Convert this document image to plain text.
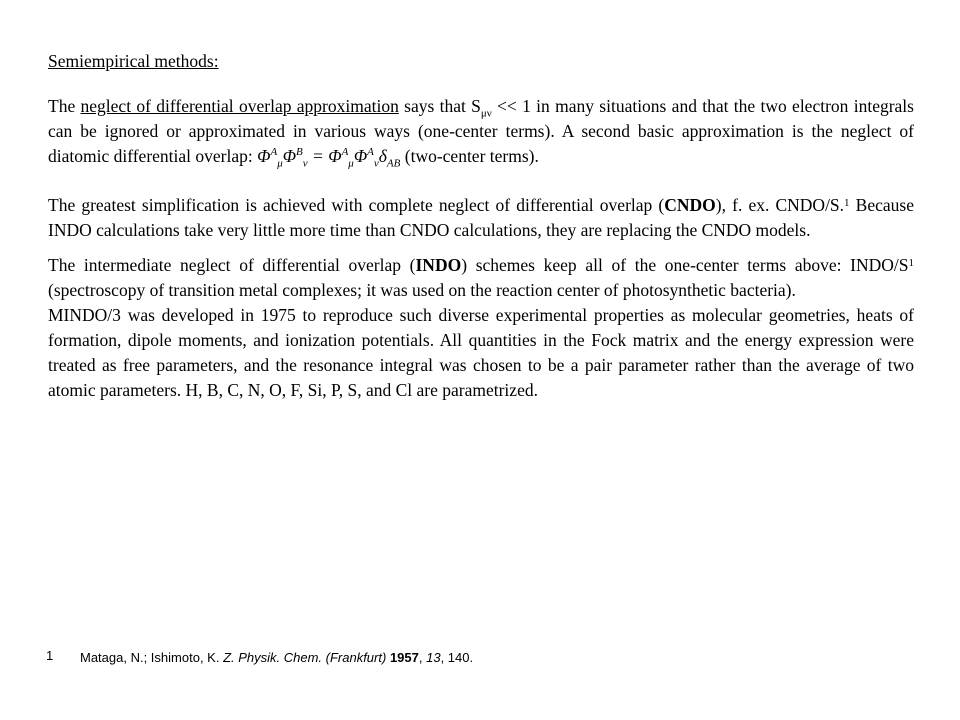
Semiempirical methods:

The neglect of differential overlap approximation says that $S_{\mu\nu} << 1$ in many situations and that the two electron integrals can be ignored or approximated in various ways (one-center terms). A second basic approximation is the neglect of diatomic differential overlap: $\Phi^A_\mu\Phi^B_\nu = \Phi^A_\mu\Phi^A_\nu\delta_{AB}$ (two-center terms).

The greatest simplification is achieved with complete neglect of differential overlap (CNDO), f. ex. CNDO/S.$^1$ Because INDO calculations take very little more time than CNDO calculations, they are replacing the CNDO models.

The intermediate neglect of differential overlap (INDO) schemes keep all of the one-center terms above: INDO/$S^1$ (spectroscopy of transition metal complexes; it was used on the reaction center of photosynthetic bacteria).

MINDO/3 was developed in 1975 to reproduce such diverse experimental properties as molecular geometries, heats of formation, dipole moments, and ionization potentials. All quantities in the Fock matrix and the energy expression were treated as free parameters, and the resonance integral was chosen to be a pair parameter rather than the average of two atomic parameters. H, B, C, N, O, F, Si, P, S, and Cl are parametrized.

1 Mataga, N.; Ishimoto, K. Z. Physik. Chem. (Frankfurt) 1957, 13, 140.
